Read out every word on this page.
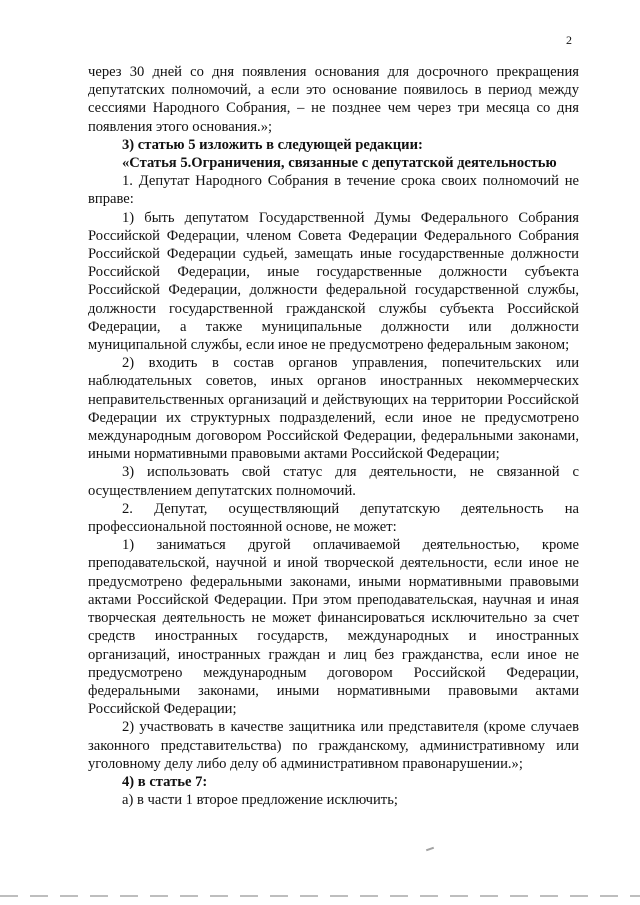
2

через 30 дней со дня появления основания для досрочного прекращения депутатских полномочий, а если это основание появилось в период между сессиями Народного Собрания, – не позднее чем через три месяца со дня появления этого основания.»;

3) статью 5 изложить в следующей редакции:

«Статья 5.Ограничения, связанные с депутатской деятельностью

1. Депутат Народного Собрания в течение срока своих полномочий не вправе:

1) быть депутатом Государственной Думы Федерального Собрания Российской Федерации, членом Совета Федерации Федерального Собрания Российской Федерации судьей, замещать иные государственные должности Российской Федерации, иные государственные должности субъекта Российской Федерации, должности федеральной государственной службы, должности государственной гражданской службы субъекта Российской Федерации, а также муниципальные должности или должности муниципальной службы, если иное не предусмотрено федеральным законом;

2) входить в состав органов управления, попечительских или наблюдательных советов, иных органов иностранных некоммерческих неправительственных организаций и действующих на территории Российской Федерации их структурных подразделений, если иное не предусмотрено международным договором Российской Федерации, федеральными законами, иными нормативными правовыми актами Российской Федерации;

3) использовать свой статус для деятельности, не связанной с осуществлением депутатских полномочий.

2. Депутат, осуществляющий депутатскую деятельность на профессиональной постоянной основе, не может:

1) заниматься другой оплачиваемой деятельностью, кроме преподавательской, научной и иной творческой деятельности, если иное не предусмотрено федеральными законами, иными нормативными правовыми актами Российской Федерации. При этом преподавательская, научная и иная творческая деятельность не может финансироваться исключительно за счет средств иностранных государств, международных и иностранных организаций, иностранных граждан и лиц без гражданства, если иное не предусмотрено международным договором Российской Федерации, федеральными законами, иными нормативными правовыми актами Российской Федерации;

2) участвовать в качестве защитника или представителя (кроме случаев законного представительства) по гражданскому, административному или уголовному делу либо делу об административном правонарушении.»;

4) в статье 7:

а) в части 1 второе предложение исключить;
